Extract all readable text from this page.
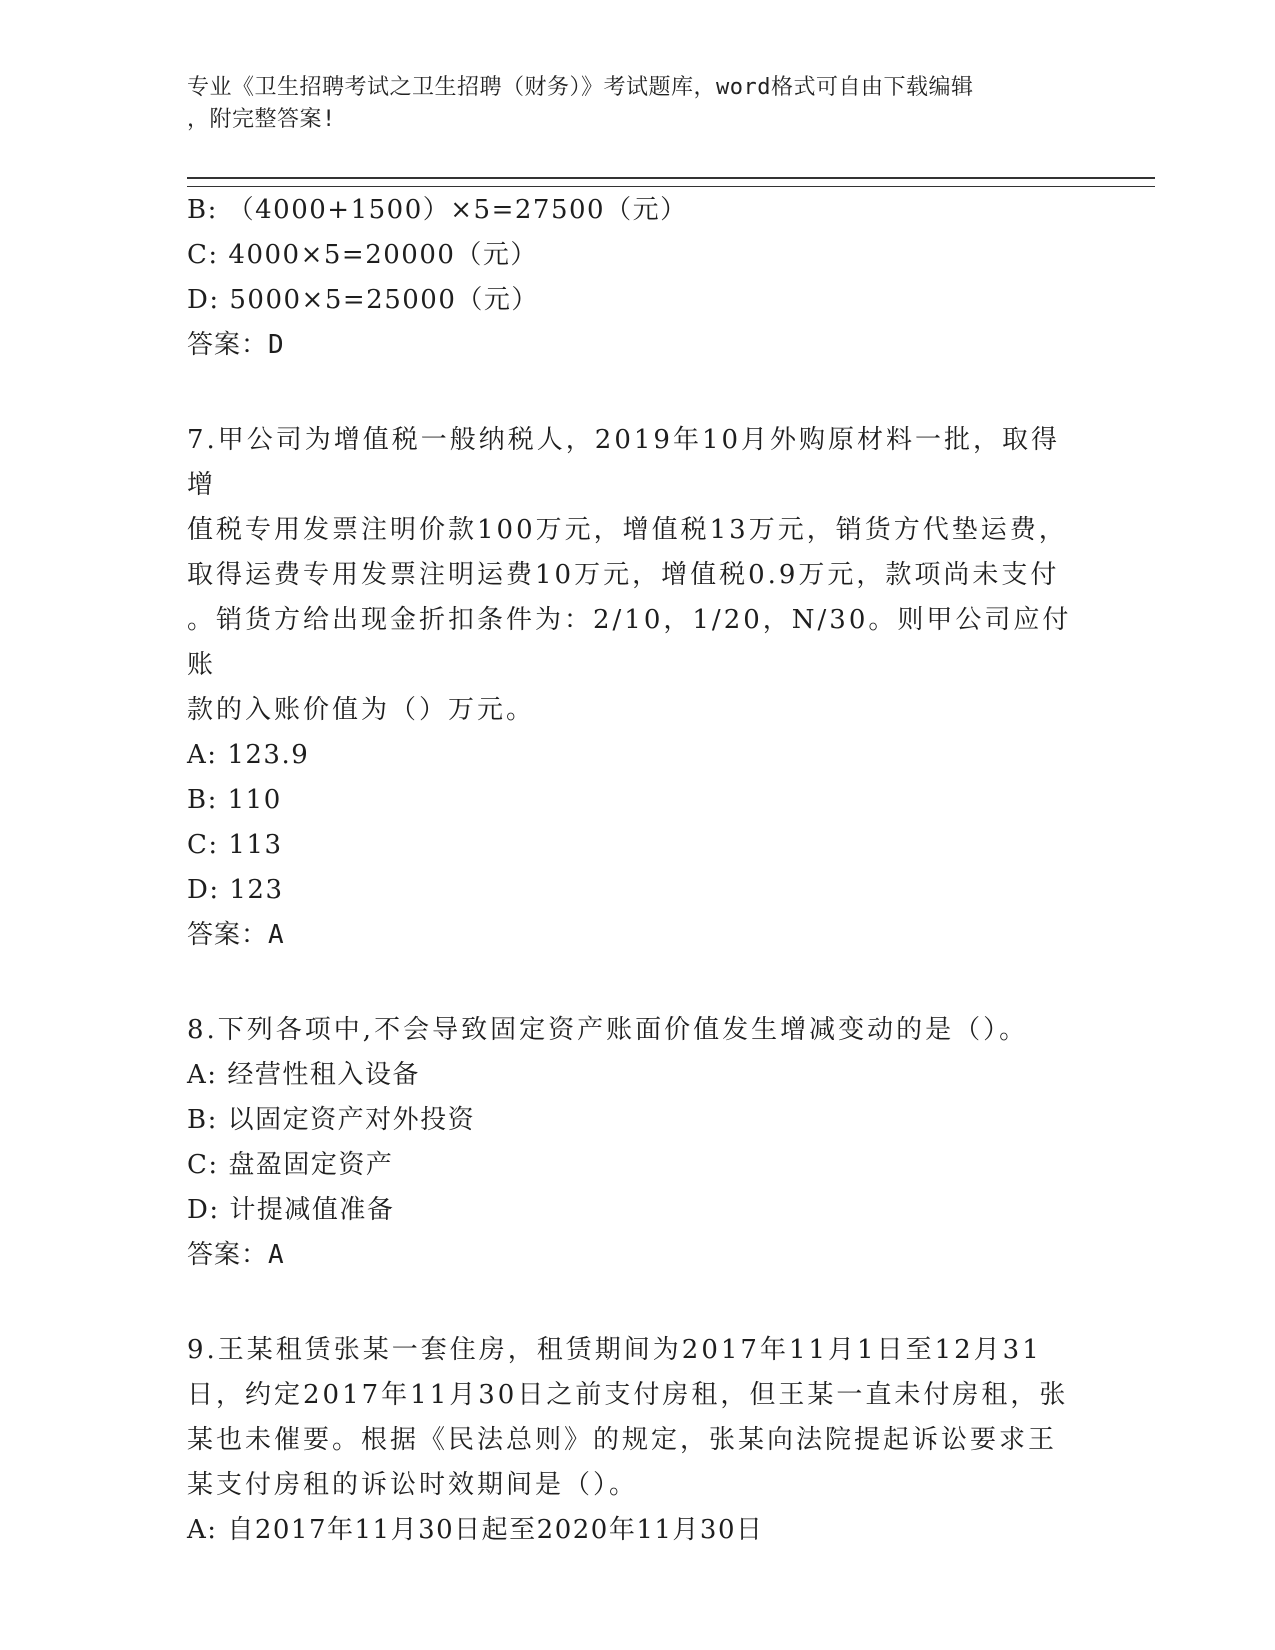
专业《卫生招聘考试之卫生招聘（财务）》考试题库，word格式可自由下载编辑
，附完整答案!
B: （4000+1500）×5=27500（元）
C: 4000×5=20000（元）
D: 5000×5=25000（元）
答案：D
7.甲公司为增值税一般纳税人，2019年10月外购原材料一批，取得增
值税专用发票注明价款100万元，增值税13万元，销货方代垫运费，
取得运费专用发票注明运费10万元，增值税0.9万元，款项尚未支付
。销货方给出现金折扣条件为：2/10，1/20，N/30。则甲公司应付账
款的入账价值为（）万元。
A: 123.9
B: 110
C: 113
D: 123
答案：A
8.下列各项中,不会导致固定资产账面价值发生增减变动的是（）。
A: 经营性租入设备
B: 以固定资产对外投资
C: 盘盈固定资产
D: 计提减值准备
答案：A
9.王某租赁张某一套住房，租赁期间为2017年11月1日至12月31
日，约定2017年11月30日之前支付房租，但王某一直未付房租，张
某也未催要。根据《民法总则》的规定，张某向法院提起诉讼要求王
某支付房租的诉讼时效期间是（）。
A: 自2017年11月30日起至2020年11月30日
